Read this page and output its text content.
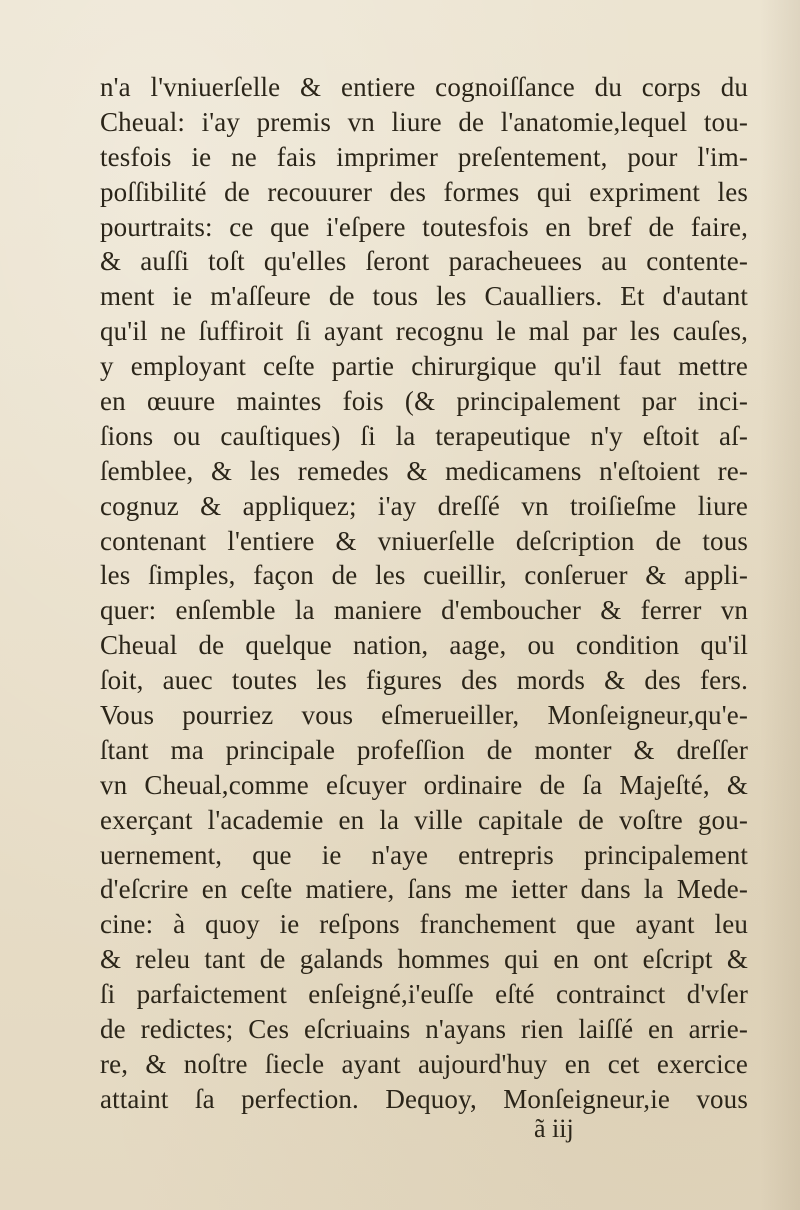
n'a l'vniuerſelle & entiere cognoiſſance du corps du
Cheual: i'ay premis vn liure de l'anatomie,lequel tou-
tesfois ie ne fais imprimer preſentement, pour l'im-
poſſibilité de recouurer des formes qui expriment les
pourtraits: ce que i'eſpere toutesfois en bref de faire,
& auſſi toſt qu'elles ſeront paracheuees au contente-
ment ie m'aſſeure de tous les Caualliers. Et d'autant
qu'il ne ſuffiroit ſi ayant recognu le mal par les cauſes,
y employant ceſte partie chirurgique qu'il faut mettre
en œuure maintes fois (& principalement par inci-
ſions ou cauſtiques) ſi la terapeutique n'y eſtoit aſ-
ſemblee, & les remedes & medicamens n'eſtoient re-
cognuz & appliquez; i'ay dreſſé vn troiſieſme liure
contenant l'entiere & vniuerſelle deſcription de tous
les ſimples, façon de les cueillir, conſeruer & appli-
quer: enſemble la maniere d'emboucher & ferrer vn
Cheual de quelque nation, aage, ou condition qu'il
ſoit, auec toutes les figures des mords & des fers.
Vous pourriez vous eſmerueiller, Monſeigneur,qu'e-
ſtant ma principale profeſſion de monter & dreſſer
vn Cheual,comme eſcuyer ordinaire de ſa Majeſté, &
exerçant l'academie en la ville capitale de voſtre gou-
uernement, que ie n'aye entrepris principalement
d'eſcrire en ceſte matiere, ſans me ietter dans la Mede-
cine: à quoy ie reſpons franchement que ayant leu
& releu tant de galands hommes qui en ont eſcript &
ſi parfaictement enſeigné,i'euſſe eſté contrainct d'vſer
de redictes; Ces eſcriuains n'ayans rien laiſſé en arrie-
re, & noſtre ſiecle ayant aujourd'huy en cet exercice
attaint ſa perfection. Dequoy, Monſeigneur,ie vous
ã iij
